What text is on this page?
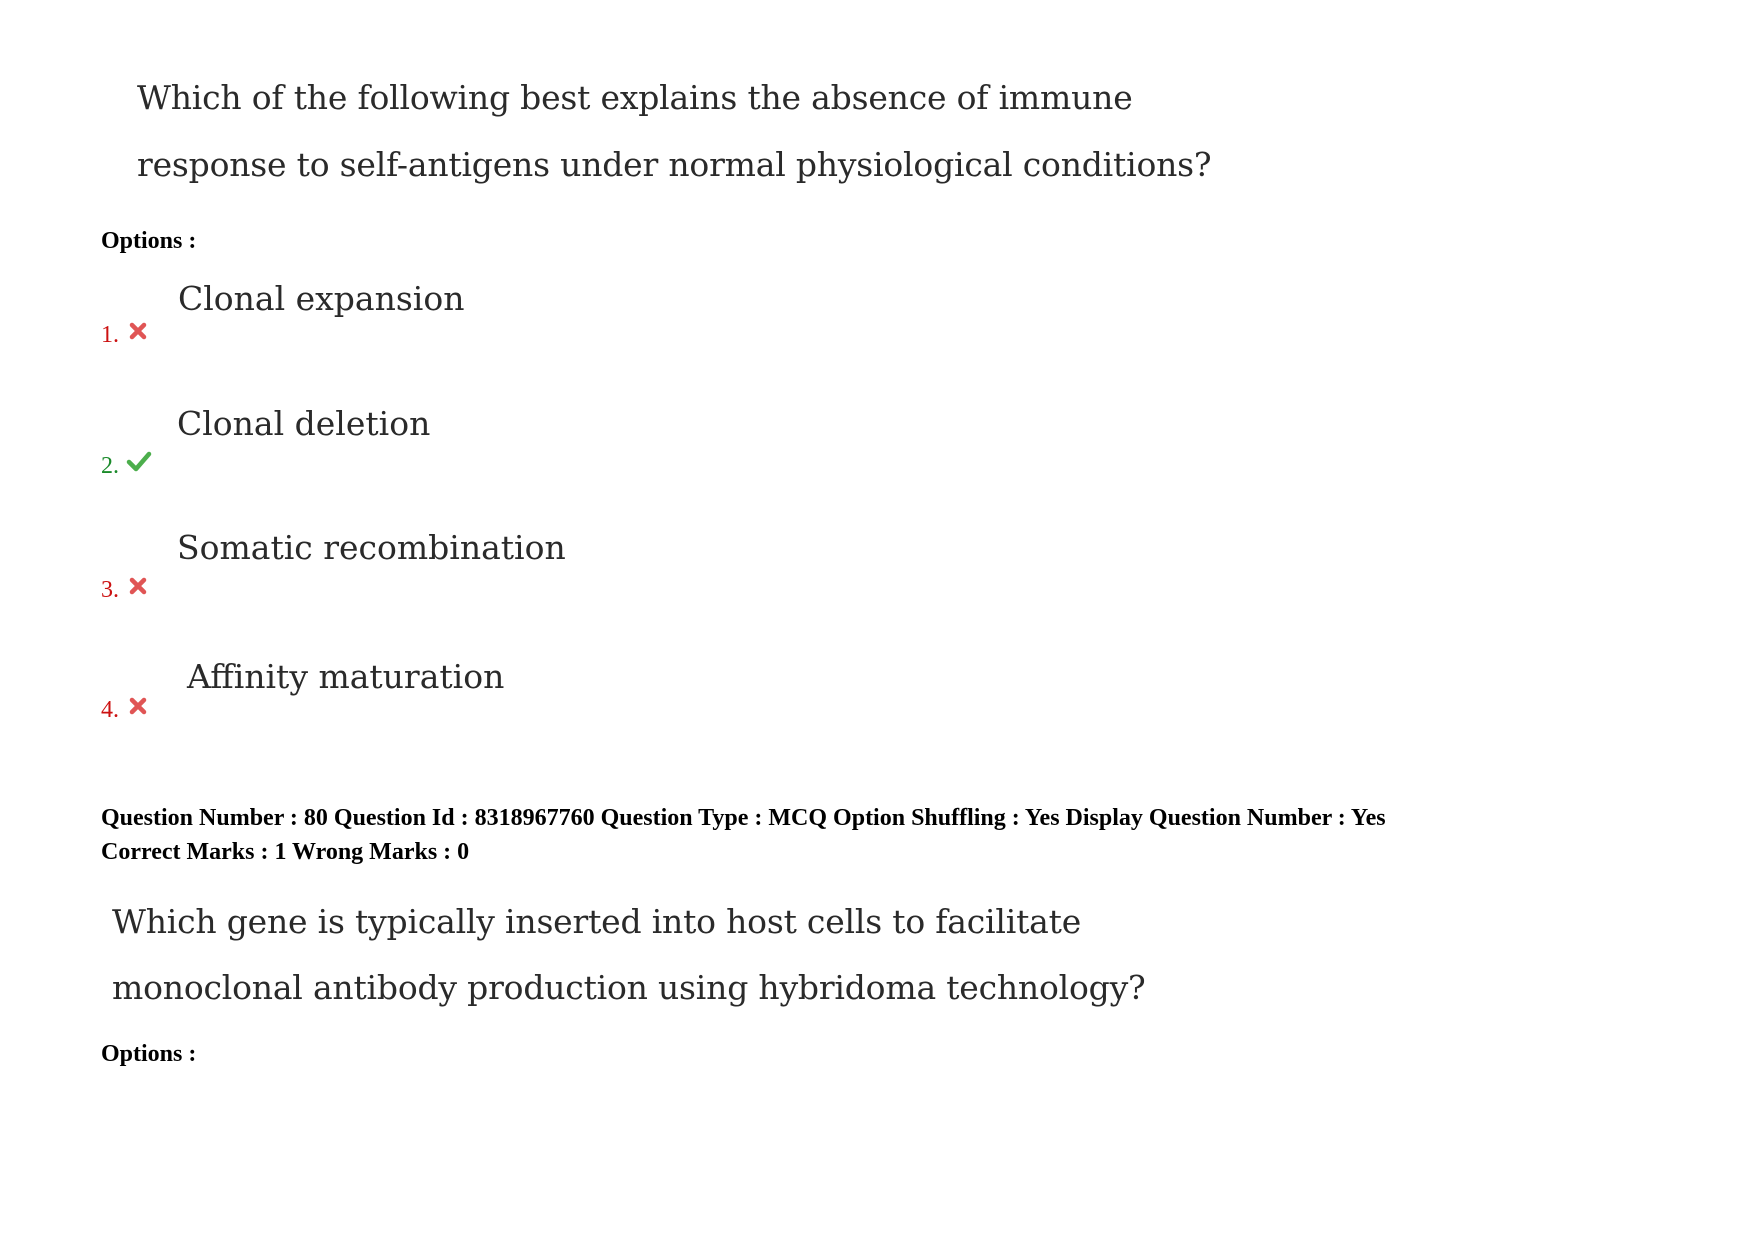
Which of the following best explains the absence of immune
response to self-antigens under normal physiological conditions?
Options :
1.
Clonal expansion
2.
Clonal deletion
3.
Somatic recombination
4.
Affinity maturation
Question Number : 80 Question Id : 8318967760 Question Type : MCQ Option Shuffling : Yes Display Question Number : Yes
Correct Marks : 1 Wrong Marks : 0
Which gene is typically inserted into host cells to facilitate
monoclonal antibody production using hybridoma technology?
Options :
